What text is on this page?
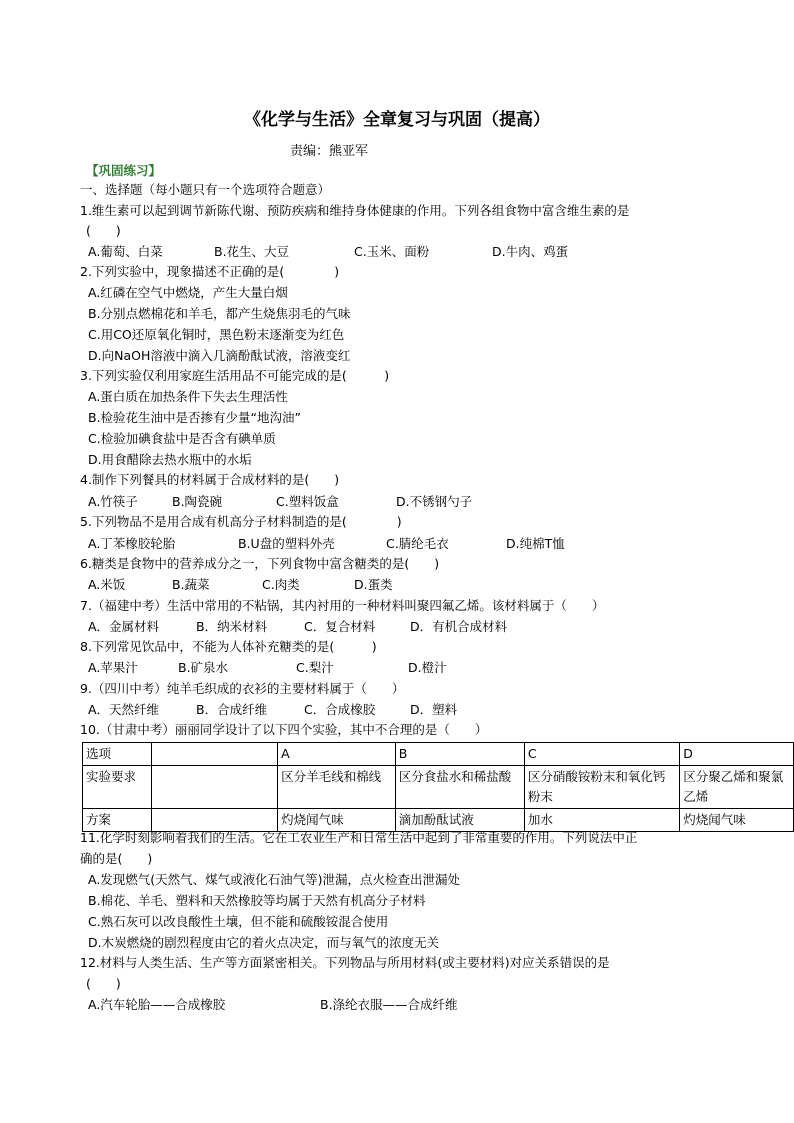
《化学与生活》全章复习与巩固（提高）
责编：熊亚军
【巩固练习】
一、选择题（每小题只有一个选项符合题意）
1.维生素可以起到调节新陈代谢、预防疾病和维持身体健康的作用。下列各组食物中富含维生素的是
(　　)
A.葡萄、白菜	B.花生、大豆	C.玉米、面粉	D.牛肉、鸡蛋
2.下列实验中，现象描述不正确的是(　　　　)
A.红磷在空气中燃烧，产生大量白烟
B.分别点燃棉花和羊毛，都产生烧焦羽毛的气味
C.用CO还原氧化铜时，黑色粉末逐渐变为红色
D.向NaOH溶液中滴入几滴酚酞试液，溶液变红
3.下列实验仅利用家庭生活用品不可能完成的是(　　　)
A.蛋白质在加热条件下失去生理活性
B.检验花生油中是否掺有少量“地沟油”
C.检验加碘食盐中是否含有碘单质
D.用食醋除去热水瓶中的水垢
4.制作下列餐具的材料属于合成材料的是(　　)
A.竹筷子	B.陶瓷碗	C.塑料饭盒	D.不锈钢勺子
5.下列物品不是用合成有机高分子材料制造的是(　　　　)
A.丁苯橡胶轮胎	B.U盘的塑料外壳	C.腈纶毛衣	D.纯棉T恤
6.糖类是食物中的营养成分之一，下列食物中富含糖类的是(　　)
A.米饭	B.蔬菜	C.肉类	D.蛋类
7.（福建中考）生活中常用的不粘锅，其内衬用的一种材料叫聚四氟乙烯。该材料属于（　　）
A．金属材料	B．纳米材料	C．复合材料	D．有机合成材料
8.下列常见饮品中，不能为人体补充糖类的是(　　　)
A.苹果汁	B.矿泉水	C.梨汁	D.橙汁
9.（四川中考）纯羊毛织成的衣衫的主要材料属于（　　）
A．天然纤维	B．合成纤维	C．合成橡胶	D．塑料
10.（甘肃中考）丽丽同学设计了以下四个实验，其中不合理的是（　　）
选项		A	B	C	D
实验要求		区分羊毛线和棉线	区分食盐水和稀盐酸	区分硝酸铵粉末和氧化钙粉末	区分聚乙烯和聚氯乙烯
方案		灼烧闻气味	滴加酚酞试液	加水	灼烧闻气味
11.化学时刻影响着我们的生活。它在工农业生产和日常生活中起到了非常重要的作用。下列说法中正
确的是(　　)
A.发现燃气(天然气、煤气或液化石油气等)泄漏，点火检查出泄漏处
B.棉花、羊毛、塑料和天然橡胶等均属于天然有机高分子材料
C.熟石灰可以改良酸性土壤，但不能和硫酸铵混合使用
D.木炭燃烧的剧烈程度由它的着火点决定，而与氧气的浓度无关
12.材料与人类生活、生产等方面紧密相关。下列物品与所用材料(或主要材料)对应关系错误的是
(　　)
A.汽车轮胎——合成橡胶	B.涤纶衣服——合成纤维
